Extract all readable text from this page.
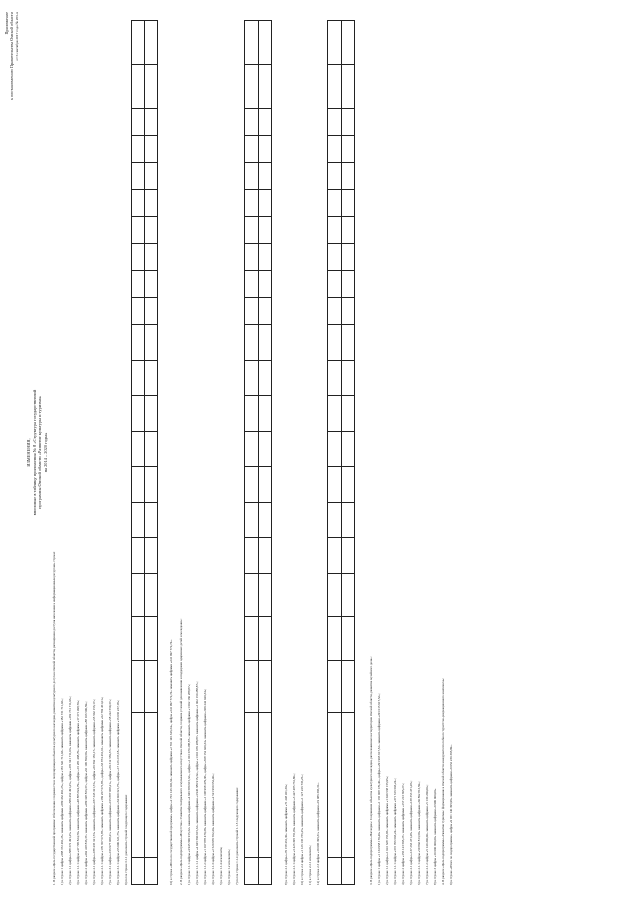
Приложение к постановлению Правительства Омской области от 6 сентября 2017 года № 265-п
ИЗМЕНЕНИЯ, вносимые в таблицу приложения № 8 «Структура государственной программы Омской области «Развитие культуры и туризма» на 2014 – 2020 годы»
1. В разделе «Цель государственной программы: Обеспечение сохранности и популяризации объектов культурного наследия, развития культурного досуга в Омской области, расширения доступа населения к информационным ресурсам» строки: 1) в строке 1 цифры «588 372 491,25» заменить цифрами «589 462 491,25», цифры «181 641 711,03» заменить цифрами «182 731 711,03»; 2) в строке 1.1 цифры «588 372 491,25» заменить цифрами «589 462 491,25», цифры «181 641 711,03» заменить цифрами «182 731 711,03»; 3) в строке 1.1.1 цифры «47 795 824,79» заменить цифрами «48 885 824,79», цифры «16 281 498,70» заменить цифрами «17 371 498,70»; 4) в строке 2 цифры «292 418 833,37» заменить цифрами «289 328 833,37», цифры «91 196 590,59» заменить цифрами «88 106 590,59»; 5) в строке 2.1 цифры «188 435 321,73» заменить цифрами «187 345 321,73», цифры «66 592 156,17» заменить цифрами «65 502 156,17»; 6) в строке 2.1.1 цифры «170 357 671,85» заменить цифрами «169 267 671,85», цифры «63 874 461,01» заменить цифрами «62 784 461,01»; 7) в строке 3.1 цифры «166 977 068,21» заменить цифрами «165 887 068,21», цифры «59 312 559,37» заменить цифрами «58 222 559,37»; 8) в строке 3.1.1 цифры «65 090 321,75» заменить цифрами «64 000 321,75», цифры «17 126 237,18» заменить цифрами «16 036 237,18»; 9) после строки 3.1.1 дополнить строкой следующего содержания:

																						10) в строке «Итого по государственной программе» цифры «2 701 146 346,34» заменить цифрами «2 701 146 346,34», цифры «241 997 772,74» заменить цифрами «241 997 772,74». 2. В разделе «Цель подпрограммы «Искусство»: Развитие театрального и музыкального искусства в Омской области, создание условий для выявления и поддержки одаренных детей и молодежи»: 1) в строке 1.1.1 цифры «4 945 590 915,32» заменить цифрами «4 946 680 915,32», цифры «1 001 070 288,87» заменить цифрами «1 002 160 288,87»; 2) в строке 1.1.1.1 цифры «4 945 590 915,32» заменить цифрами «4 946 680 915,32», цифры «1 001 070 288,87» заменить цифрами «1 002 160 288,87»; 3) в строке 1.1.2 цифры «1 107 878 479,38» заменить цифрами «1 108 968 479,38», цифры «368 152 020,34» заменить цифрами «369 242 020,34»; 4) в строке 1.1.3 цифры «2 520 970 652,40» заменить цифрами «2 521 960 652,40»; 5) в строке 1.1.4 исключить; 6) в строке 1.2 исключить; 7) после строки 1.1.4 дополнить строкой 1.1.5 следующего содержания:

																						8) в строке 2.1 цифры «70 158 461,30» заменить цифрами «71 248 461,30»; 9) в строке 2.1.1 цифры «3 426 395 761,80» заменить цифрами «3 427 485 761,80»; 10) в строке 2.2 цифры «1 126 136 735,25» заменить цифрами «1 127 226 735,25»; 11) в строке 2.2.1 исключить; 12) в строке 2.3 цифры «19 096 395,31» заменить цифрами «19 086 395,31».

																						3. В разделе «Цель подпрограммы «Наследие»: Сохранение объектов культурного наследия, расположенных на территории Омской области, развитие музейного дела»: 1) в строке 1 цифры «1 134 958 170,40» заменить цифрами «1 135 068 170,40», цифры «291 905 917,52» заменить цифрами «291 015 917,52»; 2) в строке 1.1 цифры «1 041 628 155,95» заменить цифрами «1 040 538 155,95»; 3) в строке 1.1.1 цифры «372 706 603,24» заменить цифрами «371 616 603,24»; 4) в строке 2 цифры «156 123 695,27» заменить цифрами «157 213 695,27»; 5) в строке 2.1 цифры «137 263 471,28» заменить цифрами «138 353 471,28»; 6) в строке 2.1.1 цифры «59 802 813,59» заменить цифрами «60 892 813,59»; 7) в строке 2.1.2 цифры «5 140 200,00» заменить цифрами «5 130 200,00»; 8) в строке 3 цифры «10 000 000,00» заменить цифрами «9 990 000,00». 4. В разделе «Цель подпрограммы «Развитие туризма»: формирование в Омской области конкурентоспособного туристско-рекреационного комплекса»: 9) в строке «Итого по подпрограмме» цифры «9 051 140 395,99» заменить цифрами «9 052 230 395,99».
